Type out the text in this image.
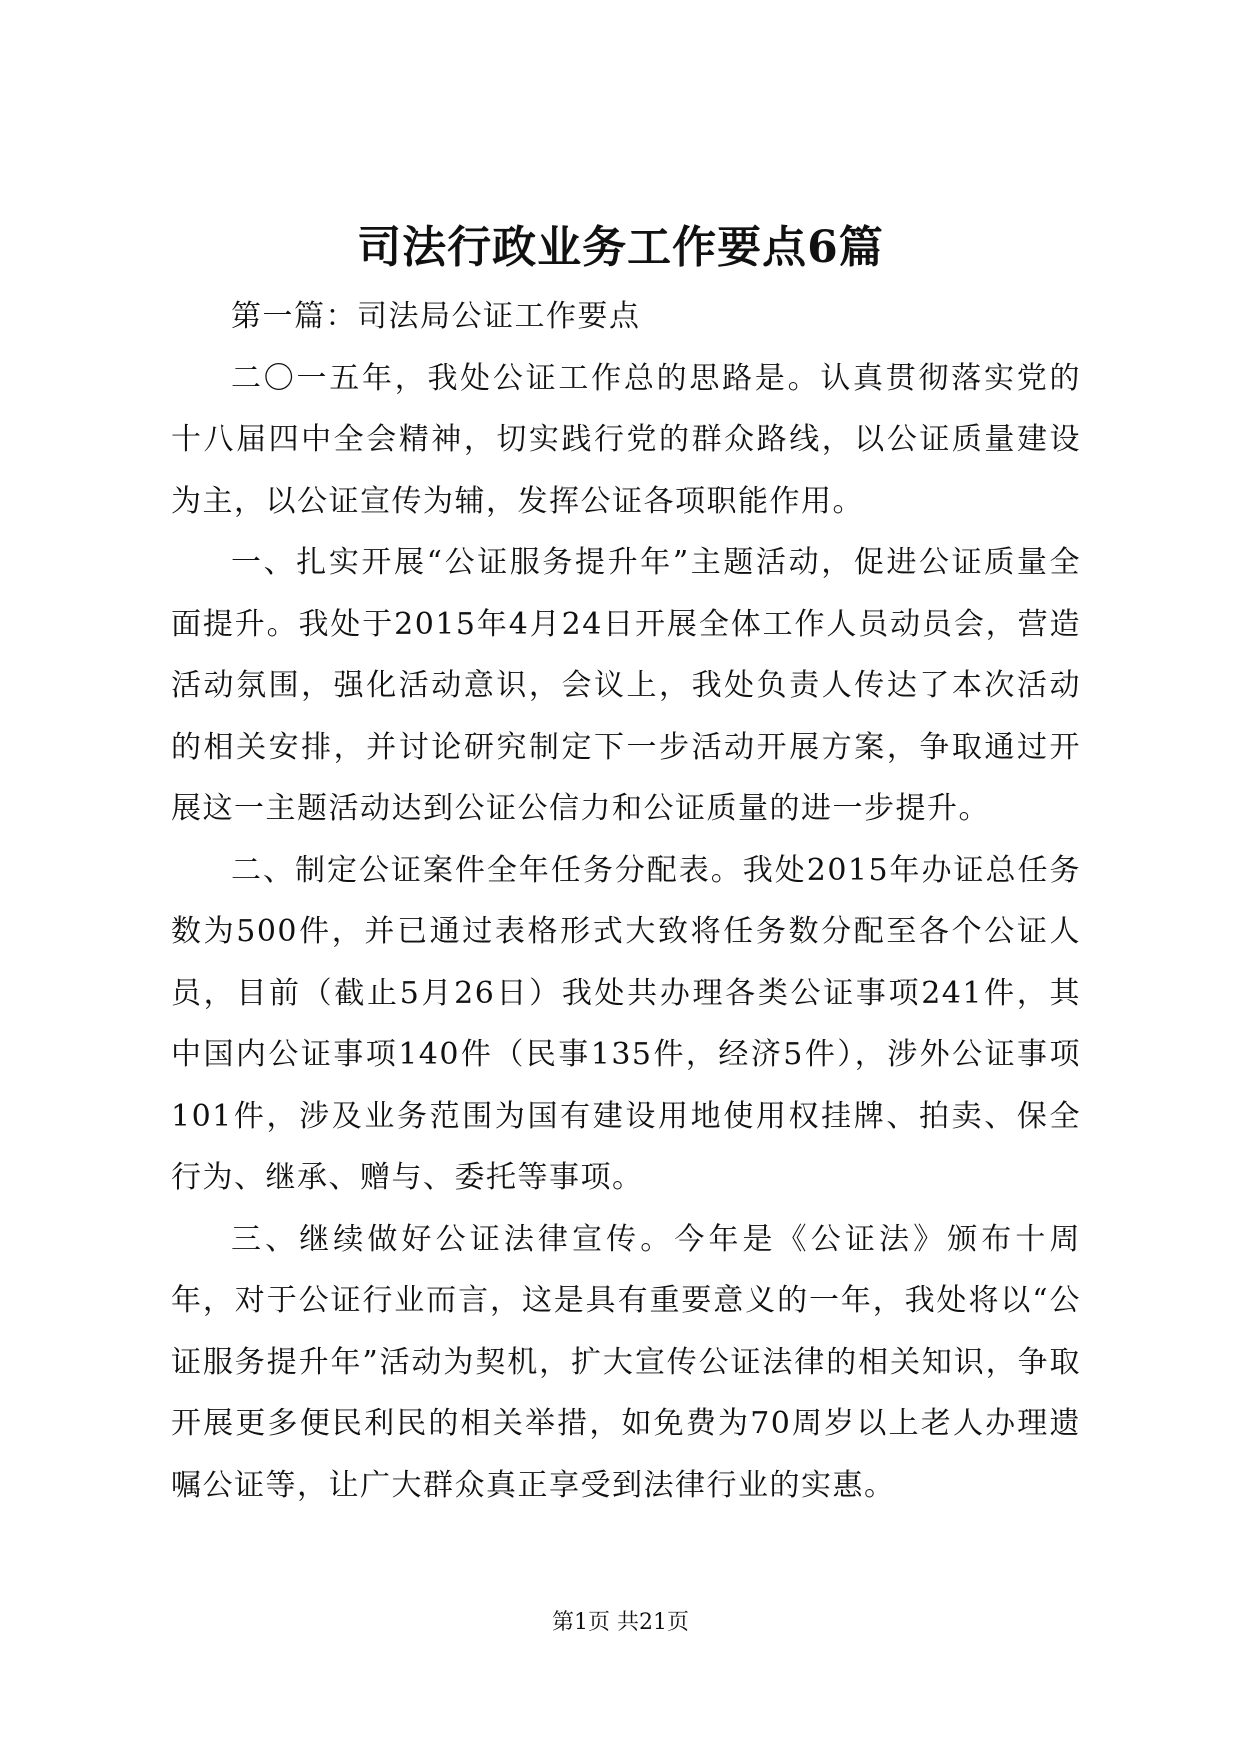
司法行政业务工作要点6篇

第一篇：司法局公证工作要点

二〇一五年，我处公证工作总的思路是。认真贯彻落实党的十八届四中全会精神，切实践行党的群众路线，以公证质量建设为主，以公证宣传为辅，发挥公证各项职能作用。

一、扎实开展“公证服务提升年”主题活动，促进公证质量全面提升。我处于2015年4月24日开展全体工作人员动员会，营造活动氛围，强化活动意识，会议上，我处负责人传达了本次活动的相关安排，并讨论研究制定下一步活动开展方案，争取通过开展这一主题活动达到公证公信力和公证质量的进一步提升。

二、制定公证案件全年任务分配表。我处2015年办证总任务数为500件，并已通过表格形式大致将任务数分配至各个公证人员，目前（截止5月26日）我处共办理各类公证事项241件，其中国内公证事项140件（民事135件，经济5件），涉外公证事项101件，涉及业务范围为国有建设用地使用权挂牌、拍卖、保全行为、继承、赠与、委托等事项。

三、继续做好公证法律宣传。今年是《公证法》颁布十周年，对于公证行业而言，这是具有重要意义的一年，我处将以“公证服务提升年”活动为契机，扩大宣传公证法律的相关知识，争取开展更多便民利民的相关举措，如免费为70周岁以上老人办理遗嘱公证等，让广大群众真正享受到法律行业的实惠。

第1页 共21页
